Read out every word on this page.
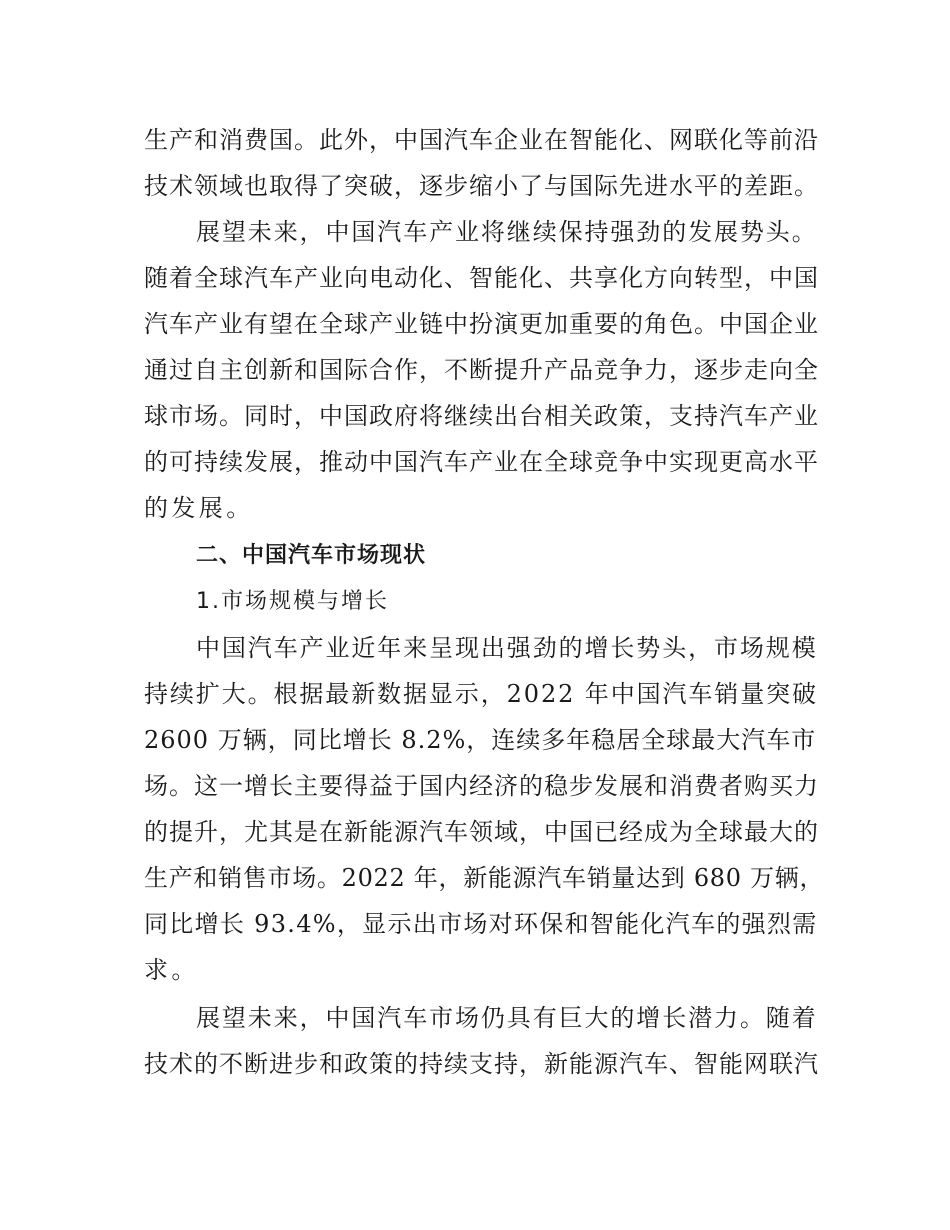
生产和消费国。此外，中国汽车企业在智能化、网联化等前沿
技术领域也取得了突破，逐步缩小了与国际先进水平的差距。
展望未来，中国汽车产业将继续保持强劲的发展势头。
随着全球汽车产业向电动化、智能化、共享化方向转型，中国
汽车产业有望在全球产业链中扮演更加重要的角色。中国企业
通过自主创新和国际合作，不断提升产品竞争力，逐步走向全
球市场。同时，中国政府将继续出台相关政策，支持汽车产业
的可持续发展，推动中国汽车产业在全球竞争中实现更高水平
的发展。
二、中国汽车市场现状
1.市场规模与增长
中国汽车产业近年来呈现出强劲的增长势头，市场规模
持续扩大。根据最新数据显示，2022 年中国汽车销量突破
2600 万辆，同比增长 8.2%，连续多年稳居全球最大汽车市
场。这一增长主要得益于国内经济的稳步发展和消费者购买力
的提升，尤其是在新能源汽车领域，中国已经成为全球最大的
生产和销售市场。2022 年，新能源汽车销量达到 680 万辆，
同比增长 93.4%，显示出市场对环保和智能化汽车的强烈需
求。
展望未来，中国汽车市场仍具有巨大的增长潜力。随着
技术的不断进步和政策的持续支持，新能源汽车、智能网联汽
